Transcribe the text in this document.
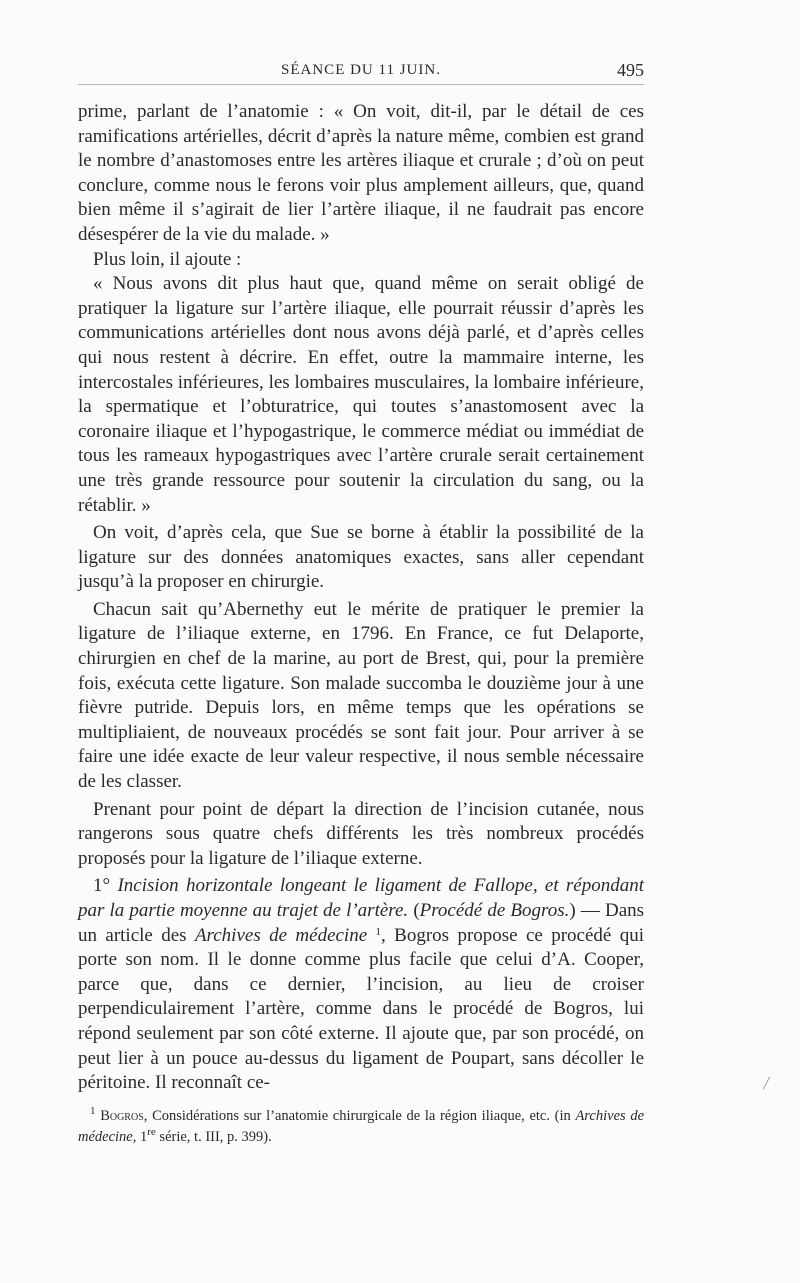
SÉANCE DU 11 JUIN.	495

prime, parlant de l’anatomie : « On voit, dit-il, par le détail de ces ramifications artérielles, décrit d’après la nature même, combien est grand le nombre d’anastomoses entre les artères iliaque et crurale ; d’où on peut conclure, comme nous le ferons voir plus amplement ailleurs, que, quand bien même il s’agirait de lier l’artère iliaque, il ne faudrait pas encore désespérer de la vie du malade. »

Plus loin, il ajoute :

« Nous avons dit plus haut que, quand même on serait obligé de pratiquer la ligature sur l’artère iliaque, elle pourrait réussir d’après les communications artérielles dont nous avons déjà parlé, et d’après celles qui nous restent à décrire. En effet, outre la mammaire interne, les intercostales inférieures, les lombaires musculaires, la lombaire inférieure, la spermatique et l’obturatrice, qui toutes s’anastomosent avec la coronaire iliaque et l’hypogastrique, le commerce médiat ou immédiat de tous les rameaux hypogastriques avec l’artère crurale serait certainement une très grande ressource pour soutenir la circulation du sang, ou la rétablir. »

On voit, d’après cela, que Sue se borne à établir la possibilité de la ligature sur des données anatomiques exactes, sans aller cependant jusqu’à la proposer en chirurgie.

Chacun sait qu’Abernethy eut le mérite de pratiquer le premier la ligature de l’iliaque externe, en 1796. En France, ce fut Delaporte, chirurgien en chef de la marine, au port de Brest, qui, pour la première fois, exécuta cette ligature. Son malade succomba le douzième jour à une fièvre putride. Depuis lors, en même temps que les opérations se multipliaient, de nouveaux procédés se sont fait jour. Pour arriver à se faire une idée exacte de leur valeur respective, il nous semble nécessaire de les classer.

Prenant pour point de départ la direction de l’incision cutanée, nous rangerons sous quatre chefs différents les très nombreux procédés proposés pour la ligature de l’iliaque externe.

1° Incision horizontale longeant le ligament de Fallope, et répondant par la partie moyenne au trajet de l’artère. (Procédé de Bogros.) — Dans un article des Archives de médecine $^1$, Bogros propose ce procédé qui porte son nom. Il le donne comme plus facile que celui d’A. Cooper, parce que, dans ce dernier, l’incision, au lieu de croiser perpendiculairement l’artère, comme dans le procédé de Bogros, lui répond seulement par son côté externe. Il ajoute que, par son procédé, on peut lier à un pouce au-dessus du ligament de Poupart, sans décoller le péritoine. Il reconnaît ce-

$^1$ Bogros, Considérations sur l’anatomie chirurgicale de la région iliaque, etc. (in Archives de médecine, 1re série, t. III, p. 399).
